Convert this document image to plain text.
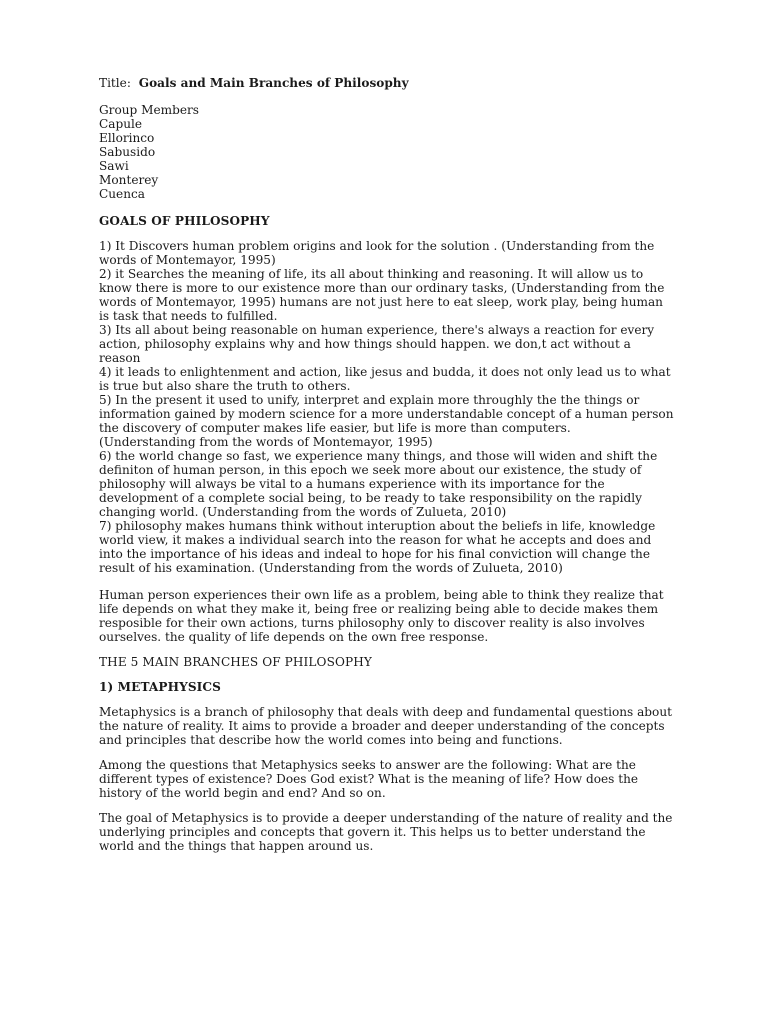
Title: Goals and Main Branches of Philosophy
Group Members
Capule
Ellorinco
Sabusido
Sawi
Monterey
Cuenca
GOALS OF PHILOSOPHY
1) It Discovers human problem origins and look for the solution . (Understanding from the words of Montemayor, 1995)
2) it Searches the meaning of life, its all about thinking and reasoning. It will allow us to know there is more to our existence more than our ordinary tasks, (Understanding from the words of Montemayor, 1995) humans are not just here to eat sleep, work play, being human is task that needs to fulfilled.
3) Its all about being reasonable on human experience, there's always a reaction for every action, philosophy explains why and how things should happen. we don,t act without a reason
4) it leads to enlightenment and action, like jesus and budda, it does not only lead us to what is true but also share the truth to others.
5) In the present it used to unify, interpret and explain more throughly the the things or information gained by modern science for a more understandable concept of a human person the discovery of computer makes life easier, but life is more than computers.
(Understanding from the words of Montemayor, 1995)
6) the world change so fast, we experience many things, and those will widen and shift the definiton of human person, in this epoch we seek more about our existence, the study of philosophy will always be vital to a humans experience with its importance for the development of a complete social being, to be ready to take responsibility on the rapidly changing world. (Understanding from the words of Zulueta, 2010)
7) philosophy makes humans think without interuption about the beliefs in life, knowledge world view, it makes a individual search into the reason for what he accepts and does and into the importance of his ideas and indeal to hope for his final conviction will change the result of his examination. (Understanding from the words of Zulueta, 2010)
Human person experiences their own life as a problem, being able to think they realize that life depends on what they make it, being free or realizing being able to decide makes them resposible for their own actions, turns philosophy only to discover reality is also involves ourselves. the quality of life depends on the own free response.
THE 5 MAIN BRANCHES OF PHILOSOPHY
1) METAPHYSICS
Metaphysics is a branch of philosophy that deals with deep and fundamental questions about the nature of reality. It aims to provide a broader and deeper understanding of the concepts and principles that describe how the world comes into being and functions.
Among the questions that Metaphysics seeks to answer are the following: What are the different types of existence? Does God exist? What is the meaning of life? How does the history of the world begin and end? And so on.
The goal of Metaphysics is to provide a deeper understanding of the nature of reality and the underlying principles and concepts that govern it. This helps us to better understand the world and the things that happen around us.
